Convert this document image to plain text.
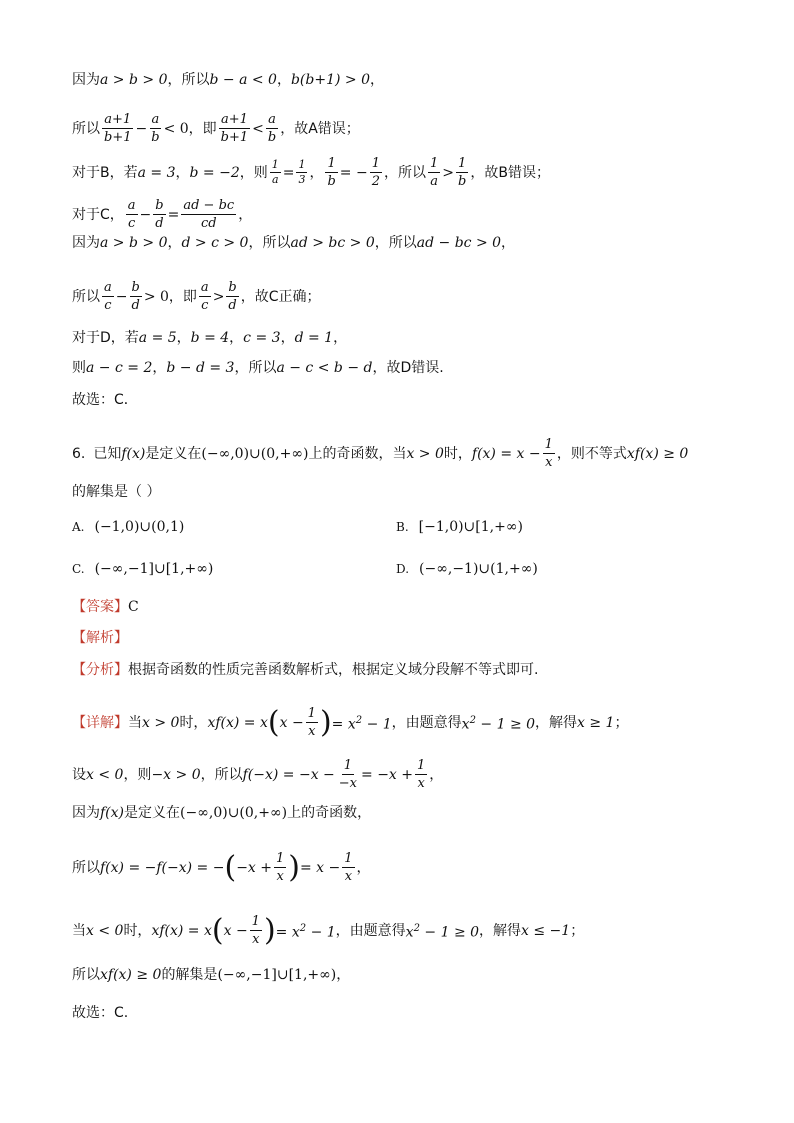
因为 a > b > 0 ，所以 b − a < 0 ， b(b+1) > 0 ，
所以
a+1
b+1
− $\frac{a}{b} < 0$ ，即
a+1
b+1
<
a
b
，故A错误；
对于B，若 a = 3 ， b = −2 ，则 $\frac{1}{a} = \frac{1}{3}$ ， $\frac{1}{b}$ = − $\frac{1}{2}$ ，所以
1
a
>
1
b
，故B错误；
对于C，
a
c
− $\frac{b}{d} = \frac{ad - bc}{cd}$ ，
因为 a > b > 0 ， d > c > 0 ，所以 ad > bc > 0 ，所以 ad − bc > 0 ，
所以
a
c
− $\frac{b}{d} > 0$ ，即
a
c
>
b
d
，故C正确；
对于D，若 a = 5 ， b = 4 ， c = 3 ， d = 1 ，
则 a − c = 2 ， b − d = 3 ，所以 a − c < b − d ，故D错误.
故选：C．
6. 已知 f(x) 是定义在 (−∞,0)∪(0,+∞) 上的奇函数，当 x > 0 时， $f(x) = x - \frac{1}{x}$ ，则不等式 xf(x) ≥ 0
的解集是（ ）
A. (−1,0)∪(0,1)	B. [−1,0)∪[1,+∞)
C. (−∞,−1]∪[1,+∞)	D. (−∞,−1)∪(1,+∞)
【答案】 C
【解析】
【分析】 根据奇函数的性质完善函数解析式，根据定义域分段解不等式即可.
【详解】 当 x > 0 时， xf(x) = x ( $x - \frac{1}{x}$ ) = $x^2 - 1$ ，由题意得 $x^2 - 1 \ge 0$ ，解得 x ≥ 1 ；
设 x < 0 ，则 −x > 0 ，所以 $f(-x) = -x - \frac{1}{-x} = -x + \frac{1}{x}$ ，
因为 f(x) 是定义在 (−∞,0)∪(0,+∞) 上的奇函数，
所以 f(x) = −f(−x) = − ( $-x + \frac{1}{x}$ ) = $x - \frac{1}{x}$ ，
当 x < 0 时， xf(x) = x ( $x - \frac{1}{x}$ ) = $x^2 - 1$ ，由题意得 $x^2 - 1 \ge 0$ ，解得 x ≤ −1 ；
所以 xf(x) ≥ 0 的解集是 (−∞,−1]∪[1,+∞) ，
故选：C.
